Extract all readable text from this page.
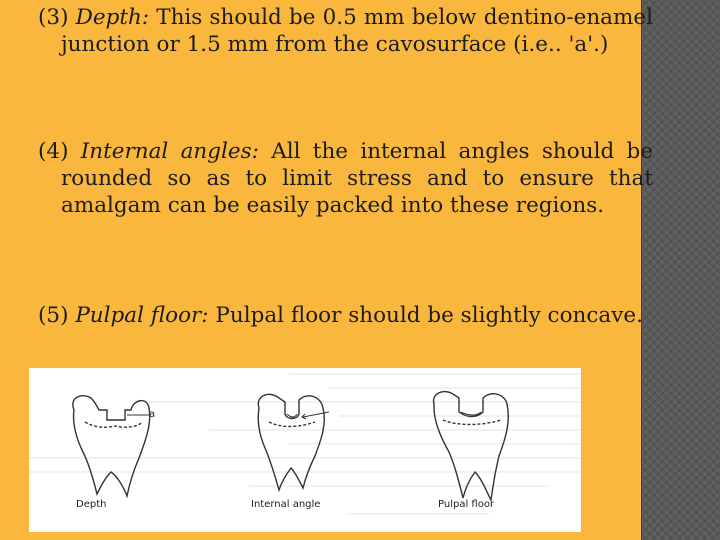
(3) Depth: This should be 0.5 mm below dentino-enamel junction or 1.5 mm from the cavosurface (i.e.. 'a'.)

(4) Internal angles: All the internal angles should be rounded so as to limit stress and to ensure that amalgam can be easily packed into these regions.

(5) Pulpal floor: Pulpal floor should be slightly concave.

a
Depth	Internal angle	Pulpal floor
